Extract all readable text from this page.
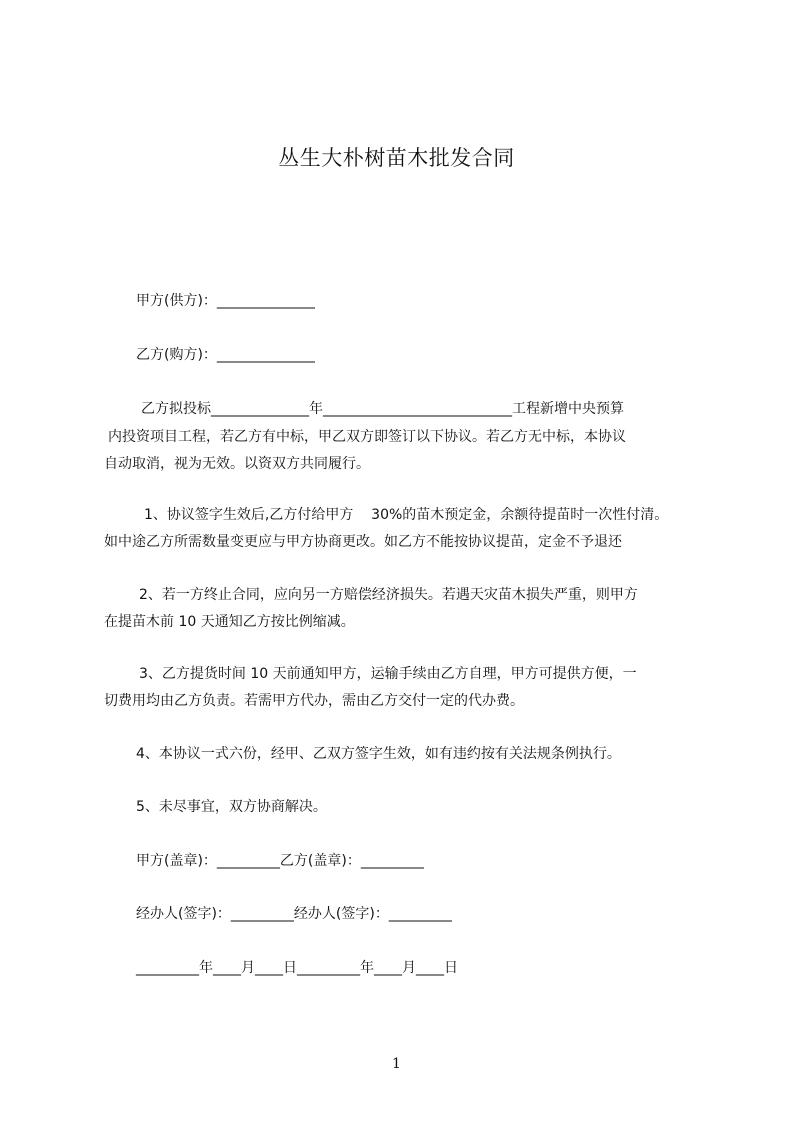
丛生大朴树苗木批发合同
甲方(供方)：______________
乙方(购方)：______________
乙方拟投标______________年___________________________工程新增中央预算
内投资项目工程，若乙方有中标，甲乙双方即签订以下协议。若乙方无中标，本协议
自动取消，视为无效。以资双方共同履行。
1、协议签字生效后,乙方付给甲方    30%的苗木预定金，余额待提苗时一次性付清。
如中途乙方所需数量变更应与甲方协商更改。如乙方不能按协议提苗，定金不予退还
2、若一方终止合同，应向另一方赔偿经济损失。若遇天灾苗木损失严重，则甲方
在提苗木前 10 天通知乙方按比例缩减。
3、乙方提货时间 10 天前通知甲方，运输手续由乙方自理，甲方可提供方便，一
切费用均由乙方负责。若需甲方代办，需由乙方交付一定的代办费。
4、本协议一式六份，经甲、乙双方签字生效，如有违约按有关法规条例执行。
5、未尽事宜，双方协商解决。
甲方(盖章)：_________乙方(盖章)：_________
经办人(签字)：_________经办人(签字)：_________
_________年____月____日_________年____月____日
1
